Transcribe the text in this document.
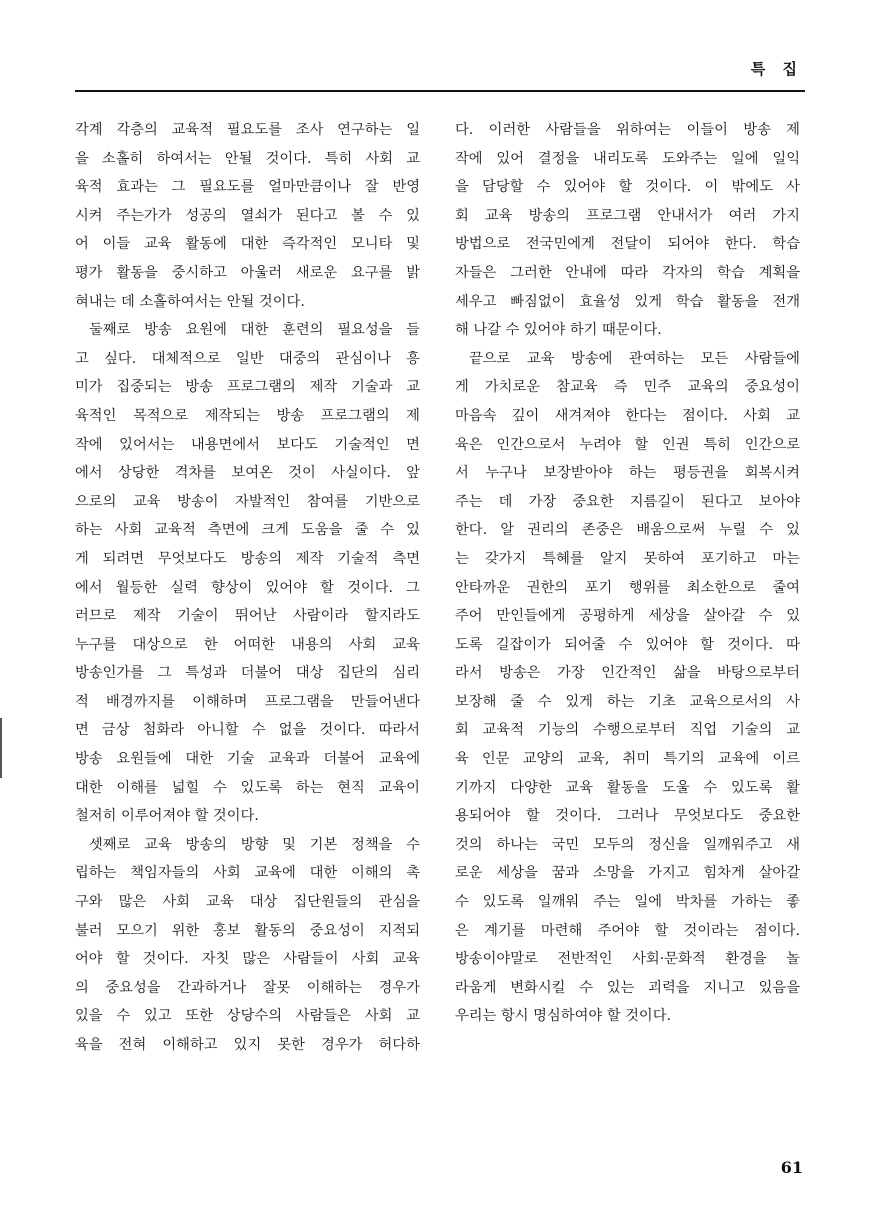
특 집
각계 각층의 교육적 필요도를 조사 연구하는 일
을 소홀히 하여서는 안될 것이다. 특히 사회 교
육적 효과는 그 필요도를 얼마만큼이나 잘 반영
시켜 주는가가 성공의 열쇠가 된다고 볼 수 있
어 이들 교육 활동에 대한 즉각적인 모니타 및
평가 활동을 중시하고 아울러 새로운 요구를 밝
혀내는 데 소홀하여서는 안될 것이다.
둘째로 방송 요원에 대한 훈련의 필요성을 들
고 싶다. 대체적으로 일반 대중의 관심이나 흥
미가 집중되는 방송 프로그램의 제작 기술과 교
육적인 목적으로 제작되는 방송 프로그램의 제
작에 있어서는 내용면에서 보다도 기술적인 면
에서 상당한 격차를 보여온 것이 사실이다. 앞
으로의 교육 방송이 자발적인 참여를 기반으로
하는 사회 교육적 측면에 크게 도움을 줄 수 있
게 되려면 무엇보다도 방송의 제작 기술적 측면
에서 월등한 실력 향상이 있어야 할 것이다. 그
러므로 제작 기술이 뛰어난 사람이라 할지라도
누구를 대상으로 한 어떠한 내용의 사회 교육
방송인가를 그 특성과 더불어 대상 집단의 심리
적 배경까지를 이해하며 프로그램을 만들어낸다
면 금상 첨화라 아니할 수 없을 것이다. 따라서
방송 요원들에 대한 기술 교육과 더불어 교육에
대한 이해를 넓힐 수 있도록 하는 현직 교육이
철저히 이루어져야 할 것이다.
셋째로 교육 방송의 방향 및 기본 정책을 수
립하는 책임자들의 사회 교육에 대한 이해의 촉
구와 많은 사회 교육 대상 집단원들의 관심을
불러 모으기 위한 홍보 활동의 중요성이 지적되
어야 할 것이다. 자칫 많은 사람들이 사회 교육
의 중요성을 간과하거나 잘못 이해하는 경우가
있을 수 있고 또한 상당수의 사람들은 사회 교
육을 전혀 이해하고 있지 못한 경우가 허다하
다. 이러한 사람들을 위하여는 이들이 방송 제
작에 있어 결정을 내리도록 도와주는 일에 일익
을 담당할 수 있어야 할 것이다. 이 밖에도 사
회 교육 방송의 프로그램 안내서가 여러 가지
방법으로 전국민에게 전달이 되어야 한다. 학습
자들은 그러한 안내에 따라 각자의 학습 계획을
세우고 빠짐없이 효율성 있게 학습 활동을 전개
해 나갈 수 있어야 하기 때문이다.
끝으로 교육 방송에 관여하는 모든 사람들에
게 가치로운 참교육 즉 민주 교육의 중요성이
마음속 깊이 새겨져야 한다는 점이다. 사회 교
육은 인간으로서 누려야 할 인권 특히 인간으로
서 누구나 보장받아야 하는 평등권을 회복시켜
주는 데 가장 중요한 지름길이 된다고 보아야
한다. 알 권리의 존중은 배움으로써 누릴 수 있
는 갖가지 특혜를 알지 못하여 포기하고 마는
안타까운 권한의 포기 행위를 최소한으로 줄여
주어 만인들에게 공평하게 세상을 살아갈 수 있
도록 길잡이가 되어줄 수 있어야 할 것이다. 따
라서 방송은 가장 인간적인 삶을 바탕으로부터
보장해 줄 수 있게 하는 기초 교육으로서의 사
회 교육적 기능의 수행으로부터 직업 기술의 교
육 인문 교양의 교육, 취미 특기의 교육에 이르
기까지 다양한 교육 활동을 도울 수 있도록 활
용되어야 할 것이다. 그러나 무엇보다도 중요한
것의 하나는 국민 모두의 정신을 일깨워주고 새
로운 세상을 꿈과 소망을 가지고 힘차게 살아갈
수 있도록 일깨워 주는 일에 박차를 가하는 좋
은 계기를 마련해 주어야 할 것이라는 점이다.
방송이야말로 전반적인 사회·문화적 환경을 놀
라움게 변화시킬 수 있는 괴력을 지니고 있음을
우리는 항시 명심하여야 할 것이다.
61
